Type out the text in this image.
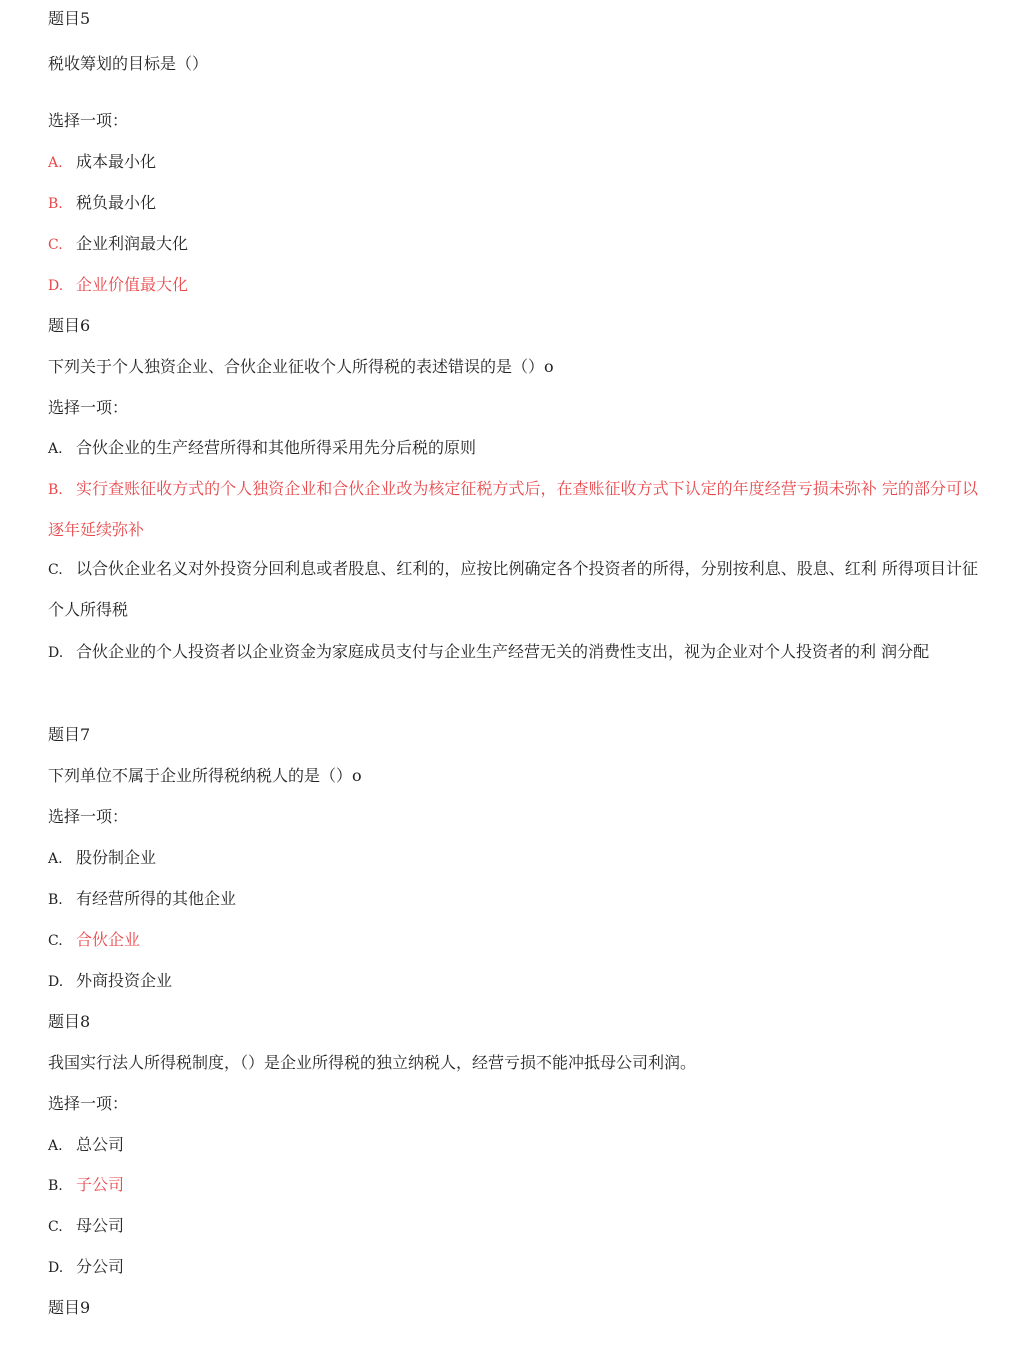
题目5
税收筹划的目标是（）
选择一项：
A. 成本最小化
B. 税负最小化
C. 企业利润最大化
D. 企业价值最大化
题目6
下列关于个人独资企业、合伙企业征收个人所得税的表述错误的是（）o
选择一项：
A. 合伙企业的生产经营所得和其他所得采用先分后税的原则
B. 实行查账征收方式的个人独资企业和合伙企业改为核定征税方式后，在查账征收方式下认定的年度经营亏损未弥补 完的部分可以逐年延续弥补
C. 以合伙企业名义对外投资分回利息或者股息、红利的，应按比例确定各个投资者的所得，分别按利息、股息、红利 所得项目计征个人所得税
D. 合伙企业的个人投资者以企业资金为家庭成员支付与企业生产经营无关的消费性支出，视为企业对个人投资者的利 润分配
题目7
下列单位不属于企业所得税纳税人的是（）o
选择一项：
A. 股份制企业
B. 有经营所得的其他企业
C. 合伙企业
D. 外商投资企业
题目8
我国实行法人所得税制度，（）是企业所得税的独立纳税人，经营亏损不能冲抵母公司利润。
选择一项：
A. 总公司
B. 子公司
C. 母公司
D. 分公司
题目9
